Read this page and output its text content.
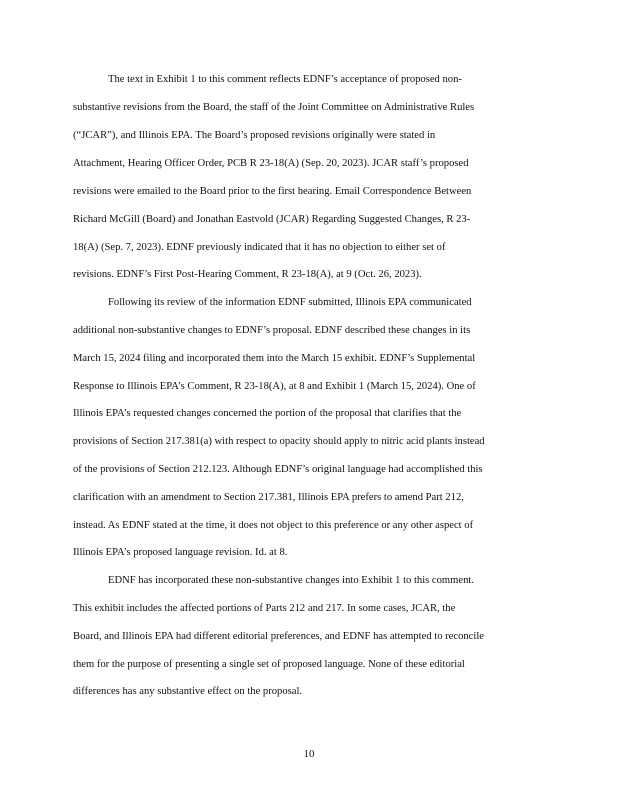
The text in Exhibit 1 to this comment reflects EDNF’s acceptance of proposed non-
substantive revisions from the Board, the staff of the Joint Committee on Administrative Rules
(“JCAR”), and Illinois EPA. The Board’s proposed revisions originally were stated in
Attachment, Hearing Officer Order, PCB R 23-18(A) (Sep. 20, 2023). JCAR staff’s proposed
revisions were emailed to the Board prior to the first hearing. Email Correspondence Between
Richard McGill (Board) and Jonathan Eastvold (JCAR) Regarding Suggested Changes, R 23-
18(A) (Sep. 7, 2023). EDNF previously indicated that it has no objection to either set of
revisions. EDNF’s First Post-Hearing Comment, R 23-18(A), at 9 (Oct. 26, 2023).
Following its review of the information EDNF submitted, Illinois EPA communicated
additional non-substantive changes to EDNF’s proposal. EDNF described these changes in its
March 15, 2024 filing and incorporated them into the March 15 exhibit. EDNF’s Supplemental
Response to Illinois EPA’s Comment, R 23-18(A), at 8 and Exhibit 1 (March 15, 2024). One of
Illinois EPA’s requested changes concerned the portion of the proposal that clarifies that the
provisions of Section 217.381(a) with respect to opacity should apply to nitric acid plants instead
of the provisions of Section 212.123. Although EDNF’s original language had accomplished this
clarification with an amendment to Section 217.381, Illinois EPA prefers to amend Part 212,
instead. As EDNF stated at the time, it does not object to this preference or any other aspect of
Illinois EPA’s proposed language revision. Id. at 8.
EDNF has incorporated these non-substantive changes into Exhibit 1 to this comment.
This exhibit includes the affected portions of Parts 212 and 217. In some cases, JCAR, the
Board, and Illinois EPA had different editorial preferences, and EDNF has attempted to reconcile
them for the purpose of presenting a single set of proposed language. None of these editorial
differences has any substantive effect on the proposal.
10
